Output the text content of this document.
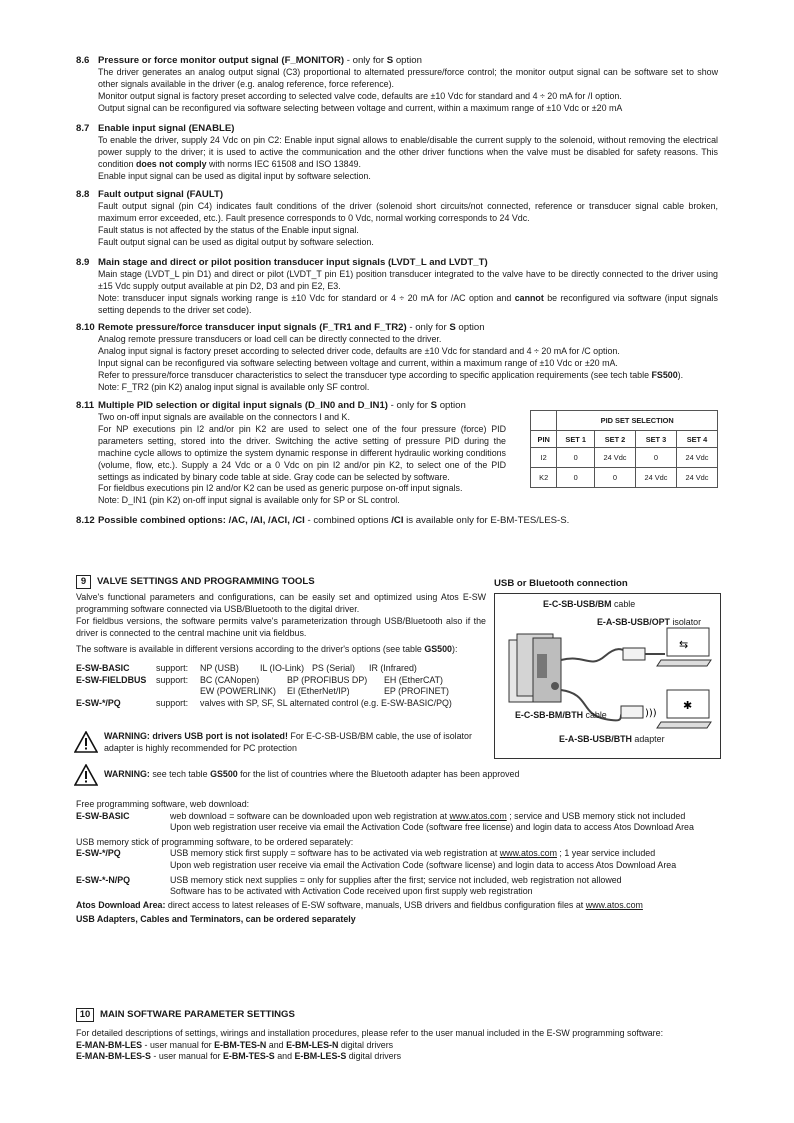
8.6 Pressure or force monitor output signal (F_MONITOR) - only for S option

The driver generates an analog output signal (C3) proportional to alternated pressure/force control; the monitor output signal can be software set to show other signals available in the driver (e.g. analog reference, force reference).

Monitor output signal is factory preset according to selected valve code, defaults are ±10 Vdc for standard and 4 ÷ 20 mA for /I option.

Output signal can be reconfigured via software selecting between voltage and current, within a maximum range of ±10 Vdc or ±20 mA

8.7 Enable input signal (ENABLE)

To enable the driver, supply 24 Vdc on pin C2: Enable input signal allows to enable/disable the current supply to the solenoid, without removing the electrical power supply to the driver; it is used to active the communication and the other driver functions when the valve must be disabled for safety reasons. This condition does not comply with norms IEC 61508 and ISO 13849.

Enable input signal can be used as digital input by software selection.

8.8 Fault output signal (FAULT)

Fault output signal (pin C4) indicates fault conditions of the driver (solenoid short circuits/not connected, reference or transducer signal cable broken, maximum error exceeded, etc.). Fault presence corresponds to 0 Vdc, normal working corresponds to 24 Vdc.

Fault status is not affected by the status of the Enable input signal.

Fault output signal can be used as digital output by software selection.

8.9 Main stage and direct or pilot position transducer input signals (LVDT_L and LVDT_T)

Main stage (LVDT_L pin D1) and direct or pilot (LVDT_T pin E1) position transducer integrated to the valve have to be directly connected to the driver using ±15 Vdc supply output available at pin D2, D3 and pin E2, E3.

Note: transducer input signals working range is ±10 Vdc for standard or 4 ÷ 20 mA for /AC option and cannot be reconfigured via software (input signals setting depends to the driver set code).

8.10 Remote pressure/force transducer input signals (F_TR1 and F_TR2) - only for S option

Analog remote pressure transducers or load cell can be directly connected to the driver.

Analog input signal is factory preset according to selected driver code, defaults are ±10 Vdc for standard and 4 ÷ 20 mA for /C option.

Input signal can be reconfigured via software selecting between voltage and current, within a maximum range of ±10 Vdc or ±20 mA.

Refer to pressure/force transducer characteristics to select the transducer type according to specific application requirements (see tech table FS500).

Note: F_TR2 (pin K2) analog input signal is available only SF control.

8.11 Multiple PID selection or digital input signals (D_IN0 and D_IN1) - only for S option

Two on-off input signals are available on the connectors I and K.

For NP executions pin I2 and/or pin K2 are used to select one of the four pressure (force) PID parameters setting, stored into the driver. Switching the active setting of pressure PID during the machine cycle allows to optimize the system dynamic response in different hydraulic working conditions (volume, flow, etc.). Supply a 24 Vdc or a 0 Vdc on pin I2 and/or pin K2, to select one of the PID settings as indicated by binary code table at side. Gray code can be selected by software.

For fieldbus executions pin I2 and/or K2 can be used as generic purpose on-off input signals.

Note: D_IN1 (pin K2) on-off input signal is available only for SP or SL control.

	PID SET SELECTION			
PIN	SET 1	SET 2	SET 3	SET 4
I2	0	24 Vdc	0	24 Vdc
K2	0	0	24 Vdc	24 Vdc

8.12 Possible combined options: /AC, /AI, /ACI, /CI - combined options /CI is available only for E-BM-TES/LES-S.

9 VALVE SETTINGS AND PROGRAMMING TOOLS	USB or Bluetooth connection

Valve's functional parameters and configurations, can be easily set and optimized using Atos E-SW programming software connected via USB/Bluetooth to the digital driver.

For fieldbus versions, the software permits valve's parameterization through USB/Bluetooth also if the driver is connected to the central machine unit via fieldbus.

The software is available in different versions according to the driver's options (see table GS500):

E-SW-BASIC	support:	NP (USB)	IL (IO-Link) PS (Serial)	IR (Infrared)
E-SW-FIELDBUS	support:	BC (CANopen)	BP (PROFIBUS DP)	EH (EtherCAT)
EW (POWERLINK)	EI (EtherNet/IP)	EP (PROFINET)
E-SW-*/PQ	support:	valves with SP, SF, SL alternated control (e.g. E-SW-BASIC/PQ)
WARNING: drivers USB port is not isolated! For E-C-SB-USB/BM cable, the use of isolator adapter is highly recommended for PC protection
E-C-SB-USB/BM cable
E-A-SB-USB/OPT isolator
⇆
)))
✱
E-C-SB-BM/BTH cable
E-A-SB-USB/BTH adapter
WARNING: see tech table GS500 for the list of countries where the Bluetooth adapter has been approved
Free programming software, web download:
E-SW-BASIC	web download = software can be downloaded upon web registration at www.atos.com ; service and USB memory stick not included
Upon web registration user receive via email the Activation Code (software free license) and login data to access Atos Download Area
USB memory stick of programming software, to be ordered separately:
E-SW-*/PQ	USB memory stick first supply = software has to be activated via web registration at www.atos.com ; 1 year service included
Upon web registration user receive via email the Activation Code (software license) and login data to access Atos Download Area
E-SW-*-N/PQ	USB memory stick next supplies = only for supplies after the first; service not included, web registration not allowed
Software has to be activated with Activation Code received upon first supply web registration
Atos Download Area: direct access to latest releases of E-SW software, manuals, USB drivers and fieldbus configuration files at www.atos.com
USB Adapters, Cables and Terminators, can be ordered separately
10 MAIN SOFTWARE PARAMETER SETTINGS
For detailed descriptions of settings, wirings and installation procedures, please refer to the user manual included in the E-SW programming software:
E-MAN-BM-LES - user manual for E-BM-TES-N and E-BM-LES-N digital drivers
E-MAN-BM-LES-S - user manual for E-BM-TES-S and E-BM-LES-S digital drivers
